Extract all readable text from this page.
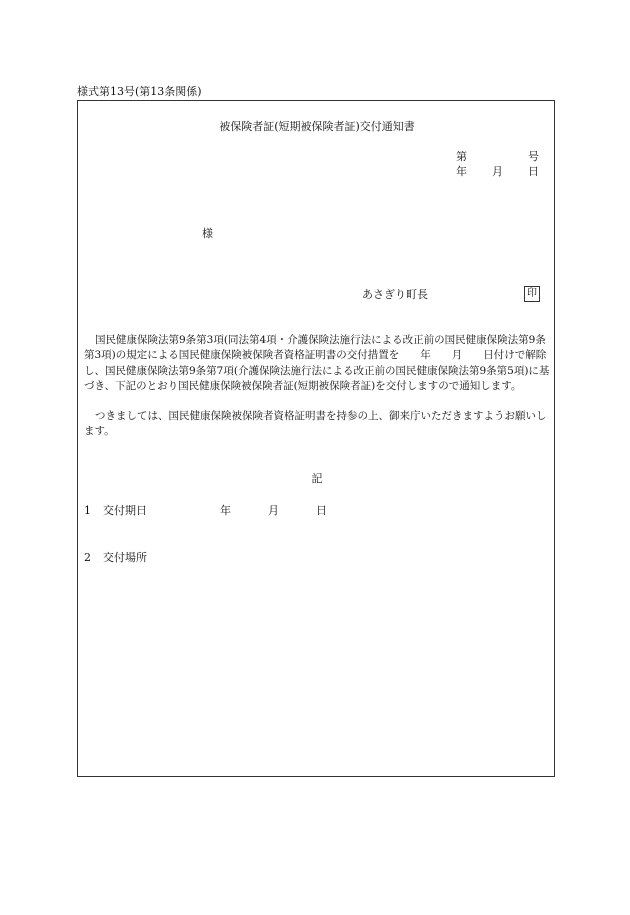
様式第13号(第13条関係)
被保険者証(短期被保険者証)交付通知書
第	号
年 月 日
様
あさぎり町長	印
国民健康保険法第9条第3項(同法第4項・介護保険法施行法による改正前の国民健康保険法第9条第3項)の規定による国民健康保険被保険者資格証明書の交付措置を　　年　　月　　日付けで解除し、国民健康保険法第9条第7項(介護保険法施行法による改正前の国民健康保険法第9条第5項)に基づき、下記のとおり国民健康保険被保険者証(短期被保険者証)を交付しますので通知します。
つきましては、国民健康保険被保険者資格証明書を持参の上、御来庁いただきますようお願いします。
記
1 交付期日	年	月	日
2 交付場所
